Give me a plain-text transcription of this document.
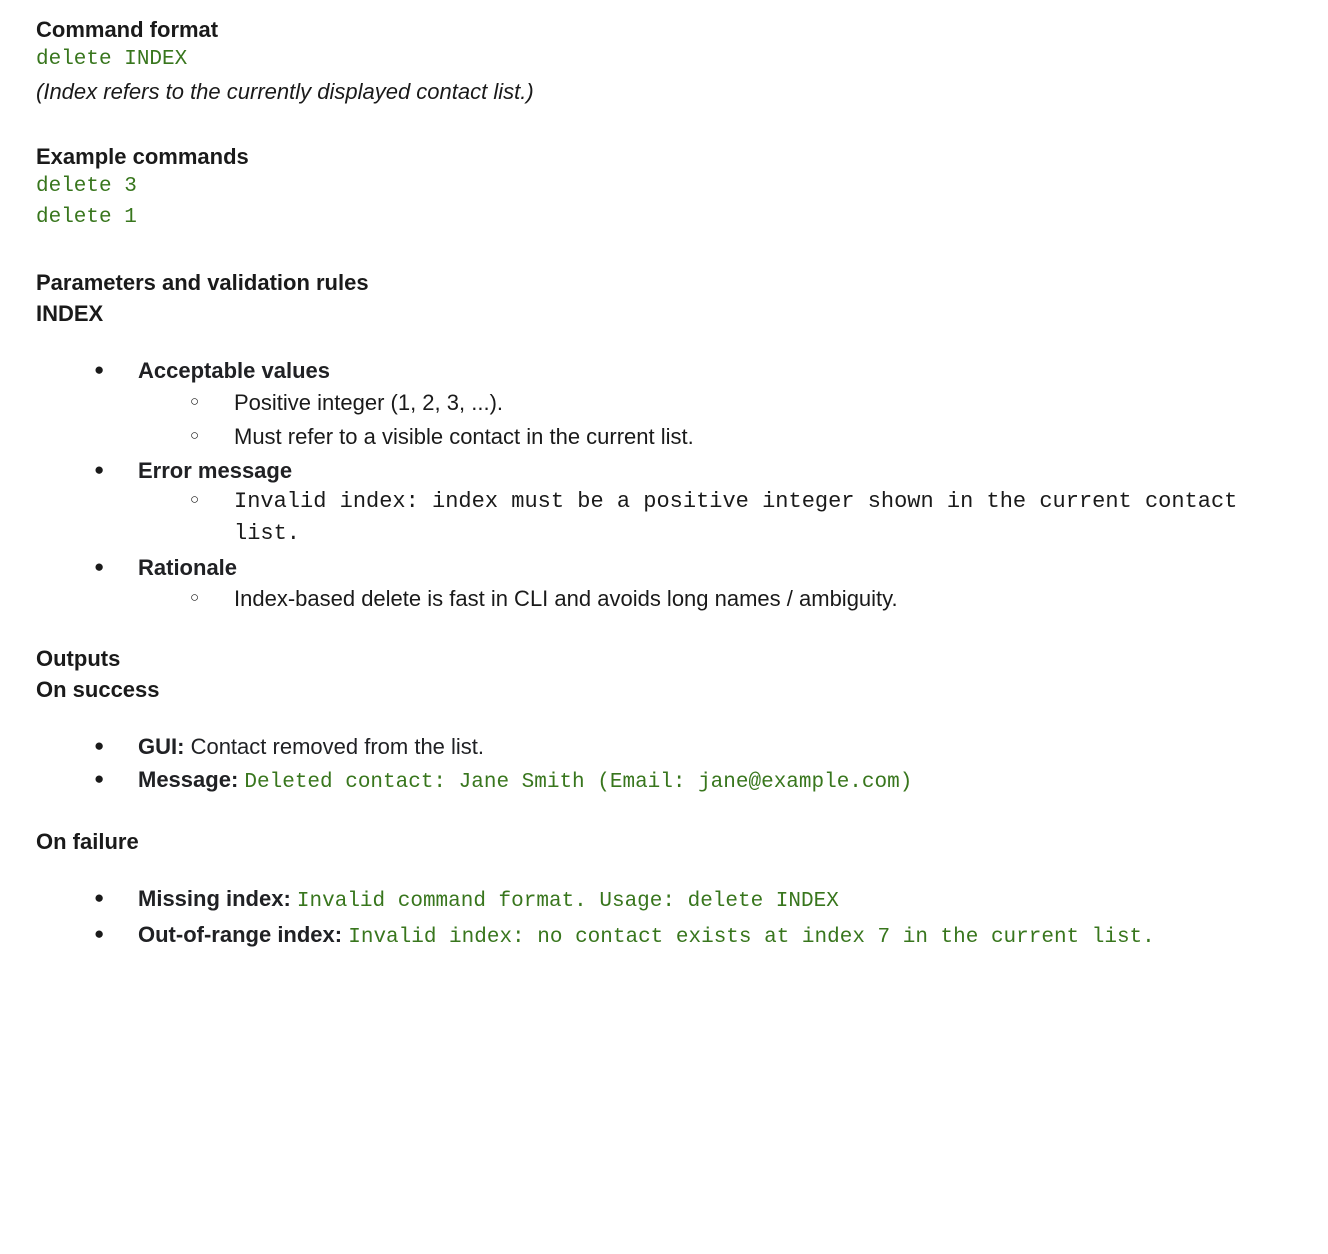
Command format
delete INDEX
(Index refers to the currently displayed contact list.)
Example commands
delete 3
delete 1
Parameters and validation rules
INDEX
● Acceptable values
○ Positive integer (1, 2, 3, ...).
○ Must refer to a visible contact in the current list.
● Error message
○ Invalid index: index must be a positive integer shown in the current contact list.
● Rationale
○ Index-based delete is fast in CLI and avoids long names / ambiguity.
Outputs
On success
● GUI: Contact removed from the list.
● Message: Deleted contact: Jane Smith (Email: jane@example.com)
On failure
● Missing index: Invalid command format. Usage: delete INDEX
● Out-of-range index: Invalid index: no contact exists at index 7 in the current list.
